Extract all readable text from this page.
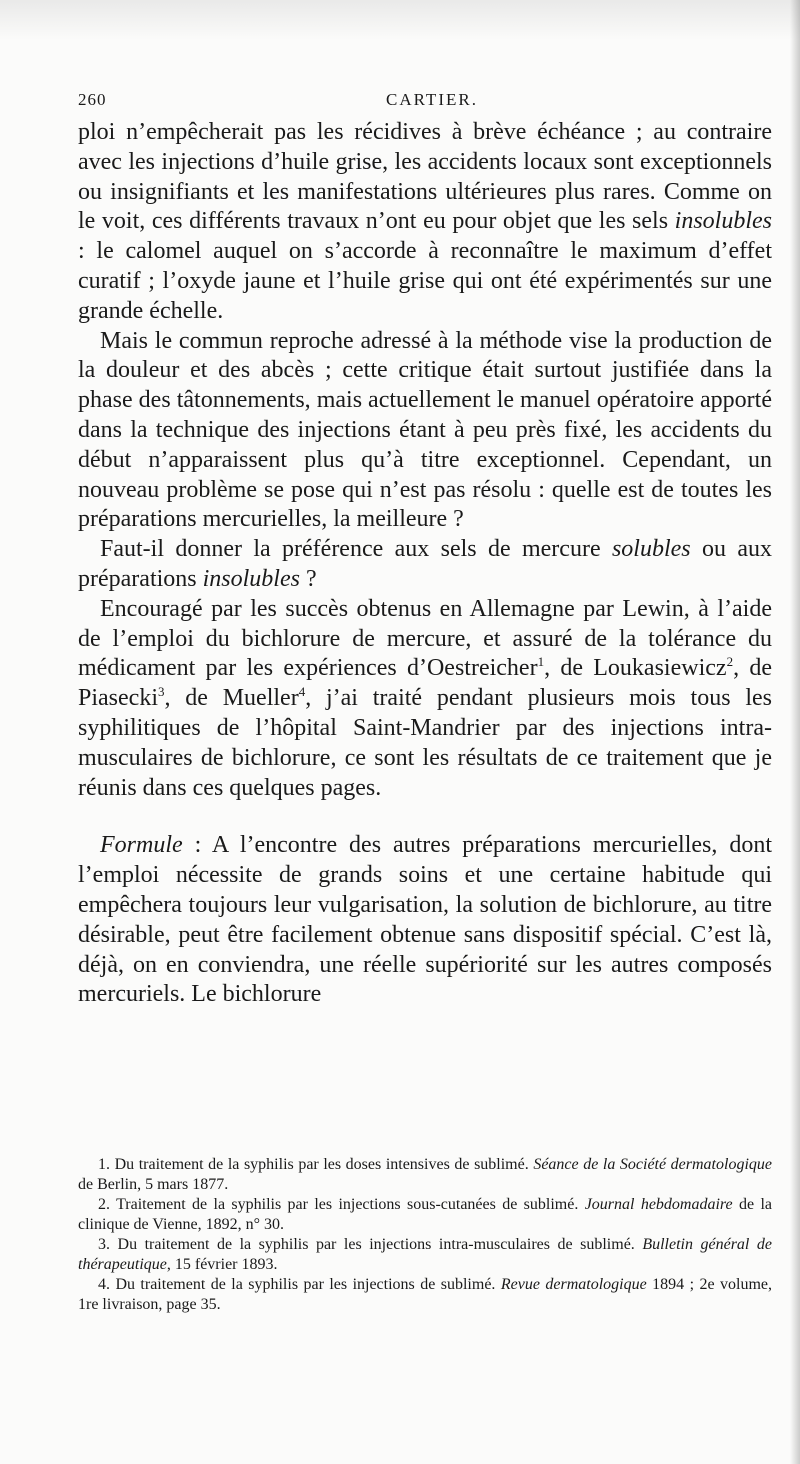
260	CARTIER.

ploi n’empêcherait pas les récidives à brève échéance ; au contraire avec les injections d’huile grise, les accidents locaux sont exceptionnels ou insignifiants et les manifestations ultérieures plus rares. Comme on le voit, ces différents travaux n’ont eu pour objet que les sels insolubles : le calomel auquel on s’accorde à reconnaître le maximum d’effet curatif ; l’oxyde jaune et l’huile grise qui ont été expérimentés sur une grande échelle.

Mais le commun reproche adressé à la méthode vise la production de la douleur et des abcès ; cette critique était surtout justifiée dans la phase des tâtonnements, mais actuellement le manuel opératoire apporté dans la technique des injections étant à peu près fixé, les accidents du début n’apparaissent plus qu’à titre exceptionnel. Cependant, un nouveau problème se pose qui n’est pas résolu : quelle est de toutes les préparations mercurielles, la meilleure ?

Faut-il donner la préférence aux sels de mercure solubles ou aux préparations insolubles ?

Encouragé par les succès obtenus en Allemagne par Lewin, à l’aide de l’emploi du bichlorure de mercure, et assuré de la tolérance du médicament par les expériences d’Oestreicher$^1$, de Loukasiewicz$^2$, de Piasecki$^3$, de Mueller$^4$, j’ai traité pendant plusieurs mois tous les syphilitiques de l’hôpital Saint-Mandrier par des injections intra-musculaires de bichlorure, ce sont les résultats de ce traitement que je réunis dans ces quelques pages.

Formule : A l’encontre des autres préparations mercurielles, dont l’emploi nécessite de grands soins et une certaine habitude qui empêchera toujours leur vulgarisation, la solution de bichlorure, au titre désirable, peut être facilement obtenue sans dispositif spécial. C’est là, déjà, on en conviendra, une réelle supériorité sur les autres composés mercuriels. Le bichlorure

1. Du traitement de la syphilis par les doses intensives de sublimé. Séance de la Société dermatologique de Berlin, 5 mars 1877.

2. Traitement de la syphilis par les injections sous-cutanées de sublimé. Journal hebdomadaire de la clinique de Vienne, 1892, n° 30.

3. Du traitement de la syphilis par les injections intra-musculaires de sublimé. Bulletin général de thérapeutique, 15 février 1893.

4. Du traitement de la syphilis par les injections de sublimé. Revue dermatologique 1894 ; 2e volume, 1re livraison, page 35.
